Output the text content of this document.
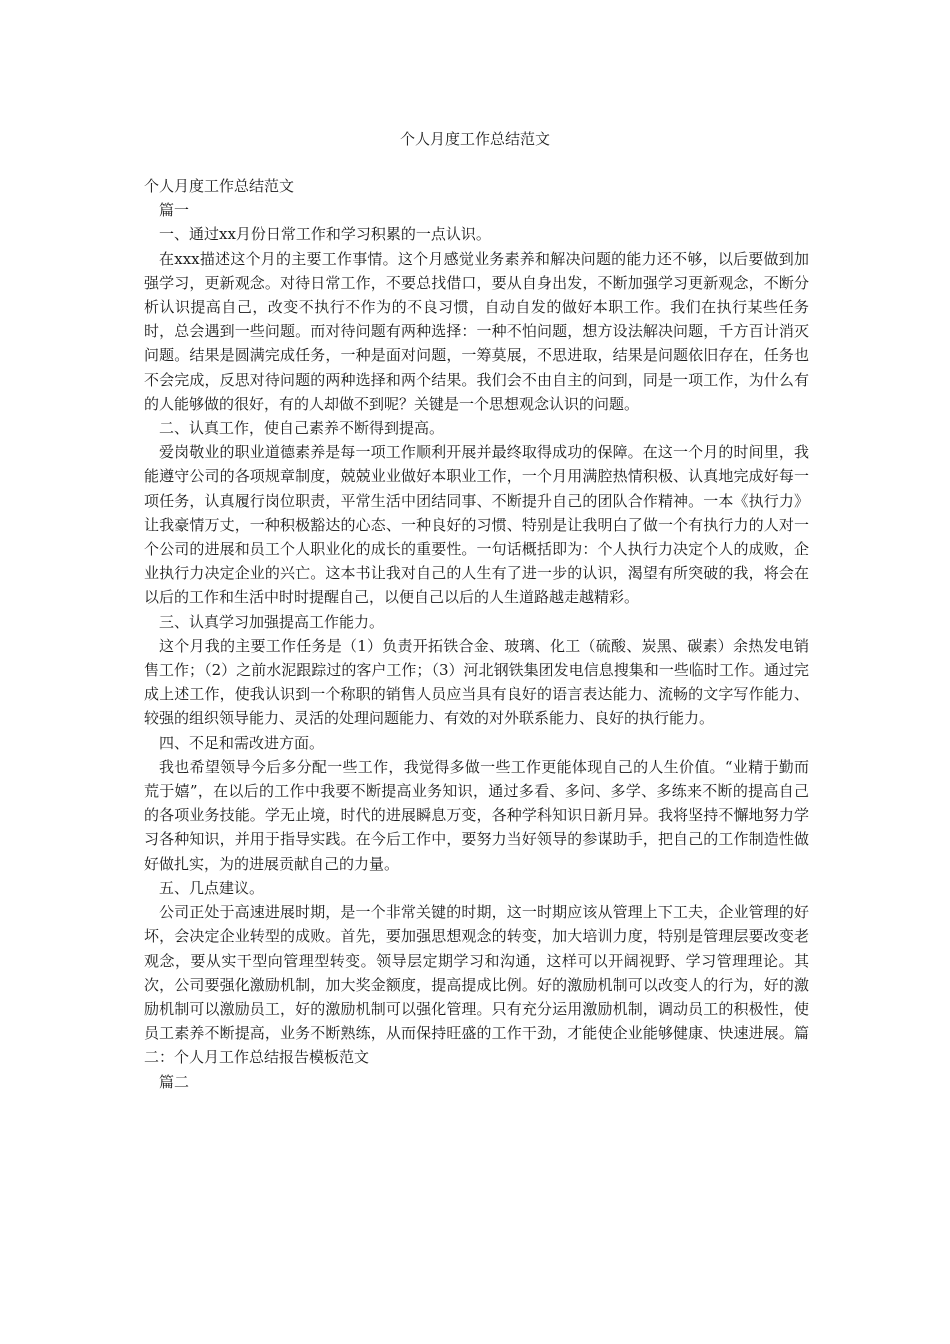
个人月度工作总结范文

个人月度工作总结范文

篇一

一、通过xx月份日常工作和学习积累的一点认识。

在xxx描述这个月的主要工作事情。这个月感觉业务素养和解决问题的能力还不够，以后要做到加强学习，更新观念。对待日常工作，不要总找借口，要从自身出发，不断加强学习更新观念，不断分析认识提高自己，改变不执行不作为的不良习惯，自动自发的做好本职工作。我们在执行某些任务时，总会遇到一些问题。而对待问题有两种选择：一种不怕问题，想方设法解决问题，千方百计消灭问题。结果是圆满完成任务，一种是面对问题，一筹莫展，不思进取，结果是问题依旧存在，任务也不会完成，反思对待问题的两种选择和两个结果。我们会不由自主的问到，同是一项工作，为什么有的人能够做的很好，有的人却做不到呢？关键是一个思想观念认识的问题。

二、认真工作，使自己素养不断得到提高。

爱岗敬业的职业道德素养是每一项工作顺利开展并最终取得成功的保障。在这一个月的时间里，我能遵守公司的各项规章制度，兢兢业业做好本职业工作，一个月用满腔热情积极、认真地完成好每一项任务，认真履行岗位职责，平常生活中团结同事、不断提升自己的团队合作精神。一本《执行力》让我豪情万丈，一种积极豁达的心态、一种良好的习惯、特别是让我明白了做一个有执行力的人对一个公司的进展和员工个人职业化的成长的重要性。一句话概括即为：个人执行力决定个人的成败，企业执行力决定企业的兴亡。这本书让我对自己的人生有了进一步的认识，渴望有所突破的我，将会在以后的工作和生活中时时提醒自己，以便自己以后的人生道路越走越精彩。

三、认真学习加强提高工作能力。

这个月我的主要工作任务是（1）负责开拓铁合金、玻璃、化工（硫酸、炭黑、碳素）余热发电销售工作；（2）之前水泥跟踪过的客户工作；（3）河北钢铁集团发电信息搜集和一些临时工作。通过完成上述工作，使我认识到一个称职的销售人员应当具有良好的语言表达能力、流畅的文字写作能力、较强的组织领导能力、灵活的处理问题能力、有效的对外联系能力、良好的执行能力。

四、不足和需改进方面。

我也希望领导今后多分配一些工作，我觉得多做一些工作更能体现自己的人生价值。“业精于勤而荒于嬉”，在以后的工作中我要不断提高业务知识，通过多看、多问、多学、多练来不断的提高自己的各项业务技能。学无止境，时代的进展瞬息万变，各种学科知识日新月异。我将坚持不懈地努力学习各种知识，并用于指导实践。在今后工作中，要努力当好领导的参谋助手，把自己的工作制造性做好做扎实，为的进展贡献自己的力量。

五、几点建议。

公司正处于高速进展时期，是一个非常关键的时期，这一时期应该从管理上下工夫，企业管理的好坏，会决定企业转型的成败。首先，要加强思想观念的转变，加大培训力度，特别是管理层要改变老观念，要从实干型向管理型转变。领导层定期学习和沟通，这样可以开阔视野、学习管理理论。其次，公司要强化激励机制，加大奖金额度，提高提成比例。好的激励机制可以改变人的行为，好的激励机制可以激励员工，好的激励机制可以强化管理。只有充分运用激励机制，调动员工的积极性，使员工素养不断提高，业务不断熟练，从而保持旺盛的工作干劲，才能使企业能够健康、快速进展。篇二：个人月工作总结报告模板范文

篇二
